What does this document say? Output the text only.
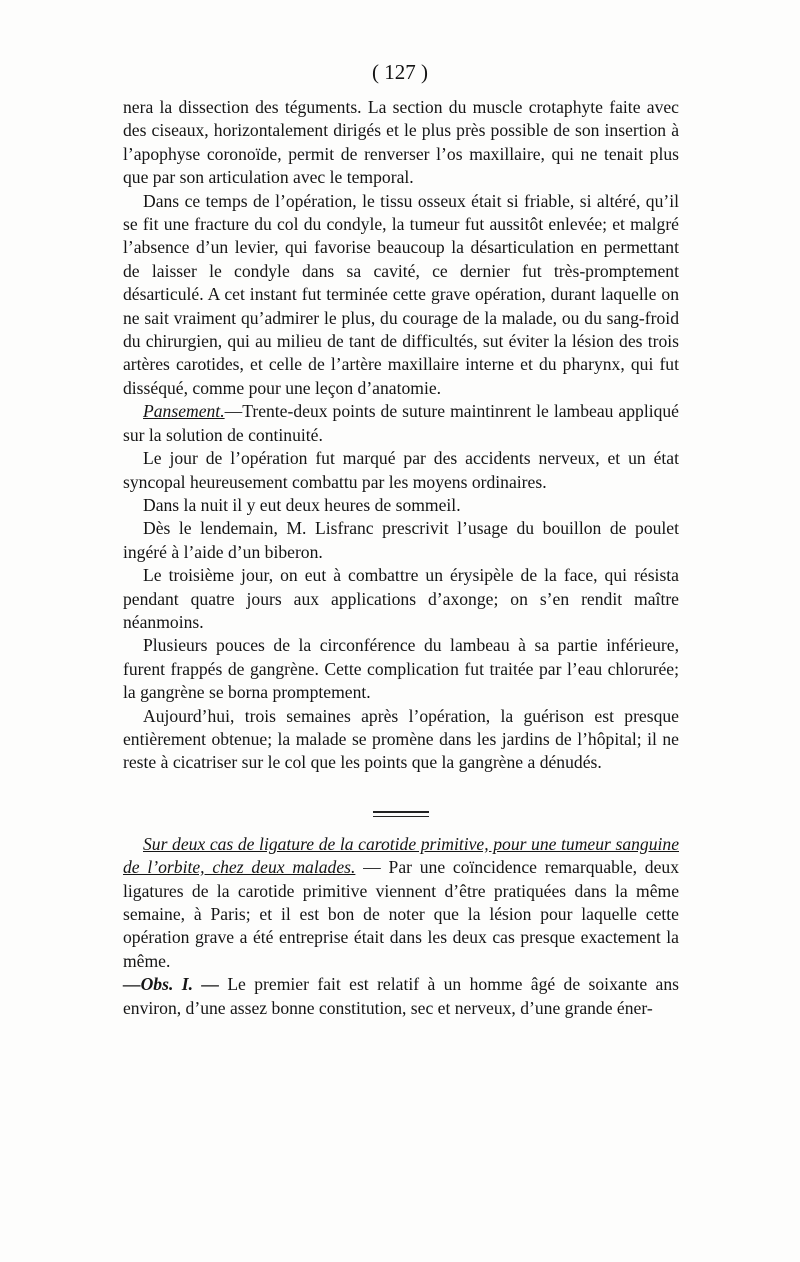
( 127 )

nera la dissection des téguments. La section du muscle crotaphyte faite avec des ciseaux, horizontalement dirigés et le plus près possible de son insertion à l’apophyse coronoïde, permit de renverser l’os maxillaire, qui ne tenait plus que par son articulation avec le temporal.

Dans ce temps de l’opération, le tissu osseux était si friable, si altéré, qu’il se fit une fracture du col du condyle, la tumeur fut aussitôt enlevée; et malgré l’absence d’un levier, qui favorise beaucoup la désarticulation en permettant de laisser le condyle dans sa cavité, ce dernier fut très-promptement désarticulé. A cet instant fut terminée cette grave opération, durant laquelle on ne sait vraiment qu’admirer le plus, du courage de la malade, ou du sang-froid du chirurgien, qui au milieu de tant de difficultés, sut éviter la lésion des trois artères carotides, et celle de l’artère maxillaire interne et du pharynx, qui fut disséqué, comme pour une leçon d’anatomie.

Pansement.—Trente-deux points de suture maintinrent le lambeau appliqué sur la solution de continuité.

Le jour de l’opération fut marqué par des accidents nerveux, et un état syncopal heureusement combattu par les moyens ordinaires.

Dans la nuit il y eut deux heures de sommeil.

Dès le lendemain, M. Lisfranc prescrivit l’usage du bouillon de poulet ingéré à l’aide d’un biberon.

Le troisième jour, on eut à combattre un érysipèle de la face, qui résista pendant quatre jours aux applications d’axonge; on s’en rendit maître néanmoins.

Plusieurs pouces de la circonférence du lambeau à sa partie inférieure, furent frappés de gangrène. Cette complication fut traitée par l’eau chlorurée; la gangrène se borna promptement.

Aujourd’hui, trois semaines après l’opération, la guérison est presque entièrement obtenue; la malade se promène dans les jardins de l’hôpital; il ne reste à cicatriser sur le col que les points que la gangrène a dénudés.

Sur deux cas de ligature de la carotide primitive, pour une tumeur sanguine de l’orbite, chez deux malades. — Par une coïncidence remarquable, deux ligatures de la carotide primitive viennent d’être pratiquées dans la même semaine, à Paris; et il est bon de noter que la lésion pour laquelle cette opération grave a été entreprise était dans les deux cas presque exactement la même.

—Obs. I. — Le premier fait est relatif à un homme âgé de soixante ans environ, d’une assez bonne constitution, sec et nerveux, d’une grande éner-
